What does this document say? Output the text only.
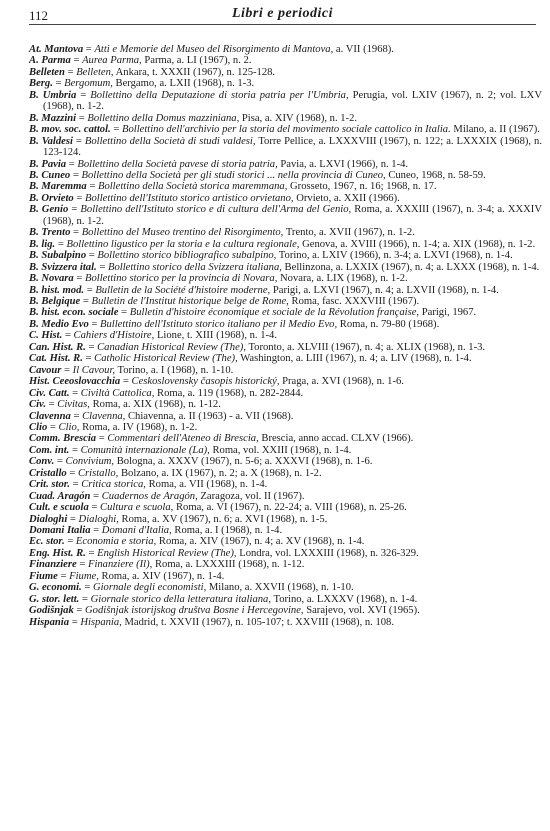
112	Libri e periodici

At. Mantova = Atti e Memorie del Museo del Risorgimento di Mantova, a. VII (1968).

A. Parma = Aurea Parma, Parma, a. LI (1967), n. 2.

Belleten = Belleten, Ankara, t. XXXII (1967), n. 125-128.

Berg. = Bergomum, Bergamo, a. LXII (1968), n. 1-3.

B. Umbria = Bollettino della Deputazione di storia patria per l'Umbria, Perugia, vol. LXIV (1967), n. 2; vol. LXV (1968), n. 1-2.

B. Mazzini = Bollettino della Domus mazziniana, Pisa, a. XIV (1968), n. 1-2.

B. mov. soc. cattol. = Bollettino dell'archivio per la storia del movimento sociale cattolico in Italia. Milano, a. II (1967).

B. Valdesi = Bollettino della Società di studi valdesi, Torre Pellice, a. LXXXVIII (1967), n. 122; a. LXXXIX (1968), n. 123-124.

B. Pavia = Bollettino della Società pavese di storia patria, Pavia, a. LXVI (1966), n. 1-4.

B. Cuneo = Bollettino della Società per gli studi storici ... nella provincia di Cuneo, Cuneo, 1968, n. 58-59.

B. Maremma = Bollettino della Società storica maremmana, Grosseto, 1967, n. 16; 1968, n. 17.

B. Orvieto = Bollettino dell'Istituto storico artistico orvietano, Orvieto, a. XXII (1966).

B. Genio = Bollettino dell'Istituto storico e di cultura dell'Arma del Genio, Roma, a. XXXIII (1967), n. 3-4; a. XXXIV (1968), n. 1-2.

B. Trento = Bollettino del Museo trentino del Risorgimento, Trento, a. XVII (1967), n. 1-2.

B. lig. = Bollettino ligustico per la storia e la cultura regionale, Genova, a. XVIII (1966), n. 1-4; a. XIX (1968), n. 1-2.

B. Subalpino = Bollettino storico bibliografico subalpino, Torino, a. LXIV (1966), n. 3-4; a. LXVI (1968), n. 1-4.

B. Svizzera ital. = Bollettino storico della Svizzera italiana, Bellinzona, a. LXXIX (1967), n. 4; a. LXXX (1968), n. 1-4.

B. Novara = Bollettino storico per la provincia di Novara, Novara, a. LIX (1968), n. 1-2.

B. hist. mod. = Bulletin de la Société d'histoire moderne, Parigi, a. LXVI (1967), n. 4; a. LXVII (1968), n. 1-4.

B. Belgique = Bulletin de l'Institut historique belge de Rome, Roma, fasc. XXXVIII (1967).

B. hist. econ. sociale = Bulletin d'histoire économique et sociale de la Révolution française, Parigi, 1967.

B. Medio Evo = Bullettino dell'Istituto storico italiano per il Medio Evo, Roma, n. 79-80 (1968).

C. Hist. = Cahiers d'Histoire, Lione, t. XIII (1968), n. 1-4.

Can. Hist. R. = Canadian Historical Review (The), Toronto, a. XLVIII (1967), n. 4; a. XLIX (1968), n. 1-3.

Cat. Hist. R. = Catholic Historical Review (The), Washington, a. LIII (1967), n. 4; a. LIV (1968), n. 1-4.

Cavour = Il Cavour, Torino, a. I (1968), n. 1-10.

Hist. Ceeoslovacchia = Ceskoslovensky časopis historický, Praga, a. XVI (1968), n. 1-6.

Civ. Catt. = Civiltà Cattolica, Roma, a. 119 (1968), n. 282-2844.

Civ. = Civitas, Roma, a. XIX (1968), n. 1-12.

Clavenna = Clavenna, Chiavenna, a. II (1963) - a. VII (1968).

Clio = Clio, Roma, a. IV (1968), n. 1-2.

Comm. Brescia = Commentari dell'Ateneo di Brescia, Brescia, anno accad. CLXV (1966).

Com. int. = Comunità internazionale (La), Roma, vol. XXIII (1968), n. 1-4.

Conv. = Convivium, Bologna, a. XXXV (1967), n. 5-6; a. XXXVI (1968), n. 1-6.

Cristallo = Cristallo, Bolzano, a. IX (1967), n. 2; a. X (1968), n. 1-2.

Crit. stor. = Critica storica, Roma, a. VII (1968), n. 1-4.

Cuad. Aragón = Cuadernos de Aragón, Zaragoza, vol. II (1967).

Cult. e scuola = Cultura e scuola, Roma, a. VI (1967), n. 22-24; a. VIII (1968), n. 25-26.

Dialoghi = Dialoghi, Roma, a. XV (1967), n. 6; a. XVI (1968), n. 1-5.

Domani Italia = Domani d'Italia, Roma, a. I (1968), n. 1-4.

Ec. stor. = Economia e storia, Roma, a. XIV (1967), n. 4; a. XV (1968), n. 1-4.

Eng. Hist. R. = English Historical Review (The), Londra, vol. LXXXIII (1968), n. 326-329.

Finanziere = Finanziere (Il), Roma, a. LXXXIII (1968), n. 1-12.

Fiume = Fiume, Roma, a. XIV (1967), n. 1-4.

G. economi. = Giornale degli economisti, Milano, a. XXVII (1968), n. 1-10.

G. stor. lett. = Giornale storico della letteratura italiana, Torino, a. LXXXV (1968), n. 1-4.

Godišnjak = Godišnjak istorijskog društva Bosne i Hercegovine, Sarajevo, vol. XVI (1965).

Hispania = Hispania, Madrid, t. XXVII (1967), n. 105-107; t. XXVIII (1968), n. 108.
